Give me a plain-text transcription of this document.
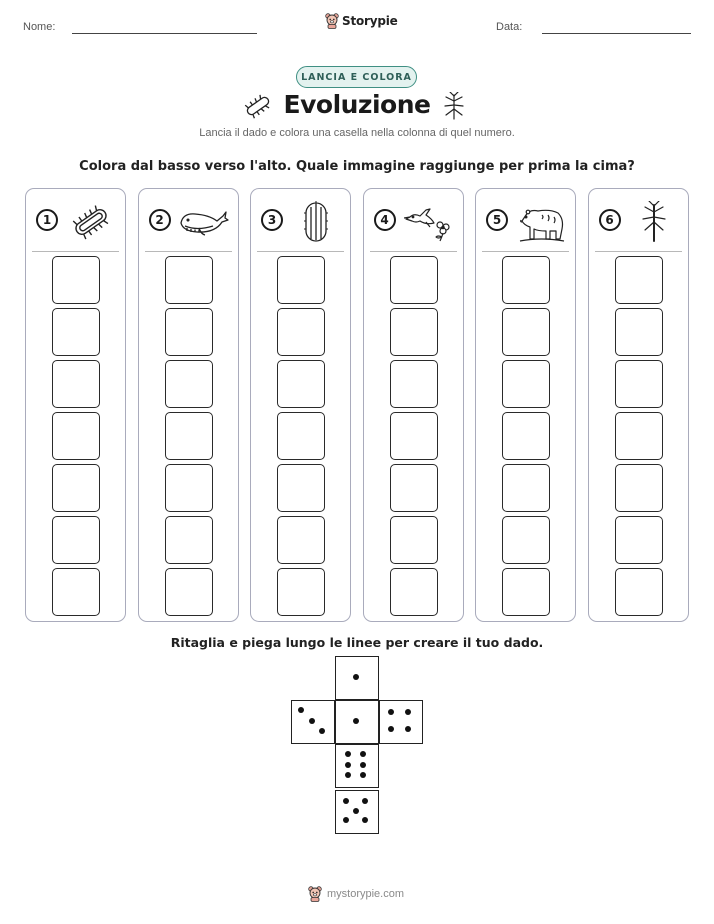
Nome:	Storypie	Data:
LANCIA E COLORA
Evoluzione
Lancia il dado e colora una casella nella colonna di quel numero.
Colora dal basso verso l'alto. Quale immagine raggiunge per prima la cima?
1	2	3	4	5	6
Ritaglia e piega lungo le linee per creare il tuo dado.
mystorypie.com
